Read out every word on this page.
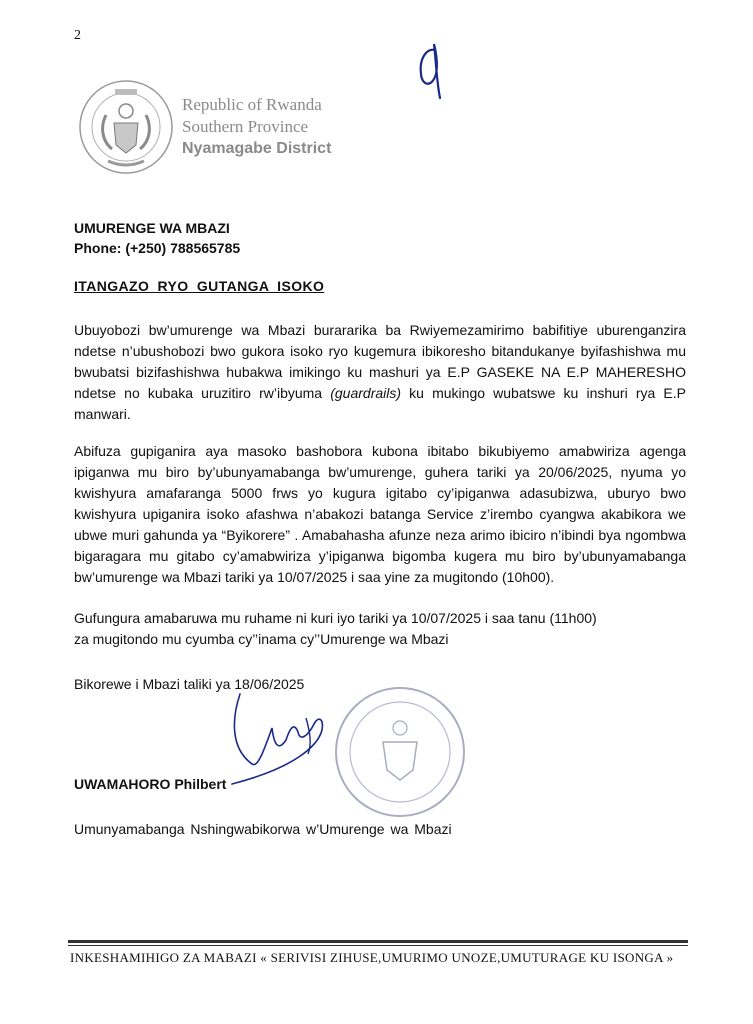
2
Republic of Rwanda
Southern Province
Nyamagabe District
UMURENGE WA MBAZI
Phone: (+250) 788565785
ITANGAZO RYO GUTANGA ISOKO
Ubuyobozi bw’umurenge wa Mbazi burararika ba Rwiyemezamirimo babifitiye uburenganzira ndetse n’ubushobozi bwo gukora isoko ryo kugemura ibikoresho bitandukanye byifashishwa mu bwubatsi bizifashishwa hubakwa imikingo ku mashuri ya E.P GASEKE NA E.P MAHERESHO ndetse no kubaka uruzitiro rw’ibyuma (guardrails) ku mukingo wubatswe ku inshuri rya E.P manwari.
Abifuza gupiganira aya masoko bashobora kubona ibitabo bikubiyemo amabwiriza agenga ipiganwa mu biro by’ubunyamabanga bw’umurenge, guhera tariki ya 20/06/2025, nyuma yo kwishyura amafaranga 5000 frws yo kugura igitabo cy’ipiganwa adasubizwa, uburyo bwo kwishyura upiganira isoko afashwa n’abakozi batanga Service z’irembo cyangwa akabikora we ubwe muri gahunda ya “Byikorere” . Amabahasha afunze neza arimo ibiciro n’ibindi bya ngombwa bigaragara mu gitabo cy’amabwiriza y’ipiganwa bigomba kugera mu biro by’ubunyamabanga bw’umurenge wa Mbazi tariki ya 10/07/2025 i saa yine za mugitondo (10h00).
Gufungura amabaruwa mu ruhame ni kuri iyo tariki ya 10/07/2025 i saa tanu (11h00)
za mugitondo mu cyumba cy’’inama cy’’Umurenge wa Mbazi
Bikorewe i Mbazi taliki ya 18/06/2025
UWAMAHORO Philbert
Umunyamabanga Nshingwabikorwa w’Umurenge wa Mbazi
INKESHAMIHIGO ZA MABAZI « SERIVISI ZIHUSE,UMURIMO UNOZE,UMUTURAGE KU ISONGA »
